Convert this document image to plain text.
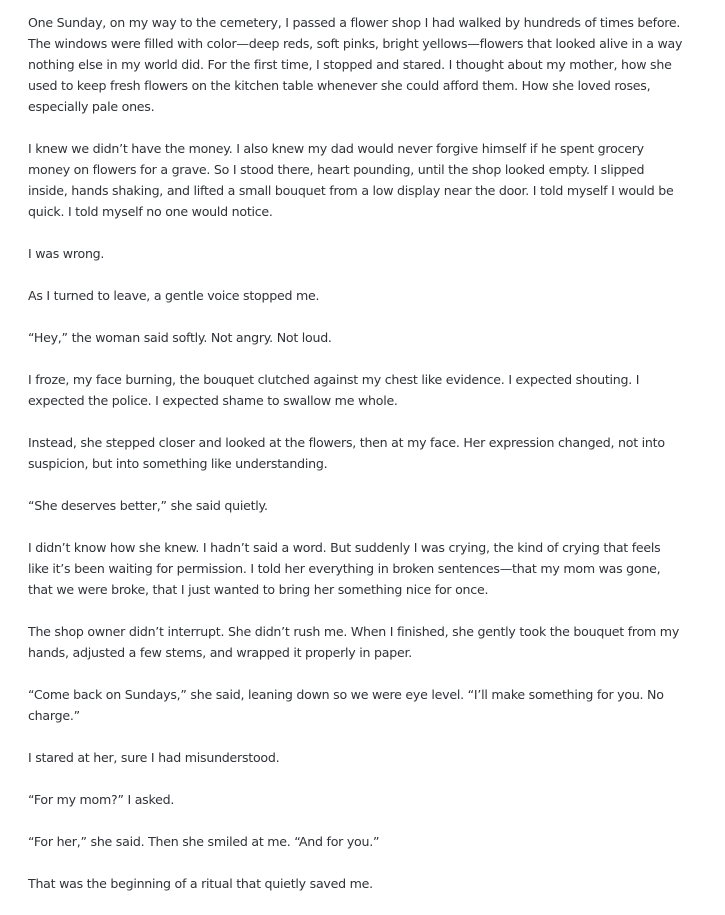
One Sunday, on my way to the cemetery, I passed a flower shop I had walked by hundreds of times before. The windows were filled with color—deep reds, soft pinks, bright yellows—flowers that looked alive in a way nothing else in my world did. For the first time, I stopped and stared. I thought about my mother, how she used to keep fresh flowers on the kitchen table whenever she could afford them. How she loved roses, especially pale ones.

I knew we didn’t have the money. I also knew my dad would never forgive himself if he spent grocery money on flowers for a grave. So I stood there, heart pounding, until the shop looked empty. I slipped inside, hands shaking, and lifted a small bouquet from a low display near the door. I told myself I would be quick. I told myself no one would notice.

I was wrong.

As I turned to leave, a gentle voice stopped me.

“Hey,” the woman said softly. Not angry. Not loud.

I froze, my face burning, the bouquet clutched against my chest like evidence. I expected shouting. I expected the police. I expected shame to swallow me whole.

Instead, she stepped closer and looked at the flowers, then at my face. Her expression changed, not into suspicion, but into something like understanding.

“She deserves better,” she said quietly.

I didn’t know how she knew. I hadn’t said a word. But suddenly I was crying, the kind of crying that feels like it’s been waiting for permission. I told her everything in broken sentences—that my mom was gone, that we were broke, that I just wanted to bring her something nice for once.

The shop owner didn’t interrupt. She didn’t rush me. When I finished, she gently took the bouquet from my hands, adjusted a few stems, and wrapped it properly in paper.

“Come back on Sundays,” she said, leaning down so we were eye level. “I’ll make something for you. No charge.”

I stared at her, sure I had misunderstood.

“For my mom?” I asked.

“For her,” she said. Then she smiled at me. “And for you.”

That was the beginning of a ritual that quietly saved me.
